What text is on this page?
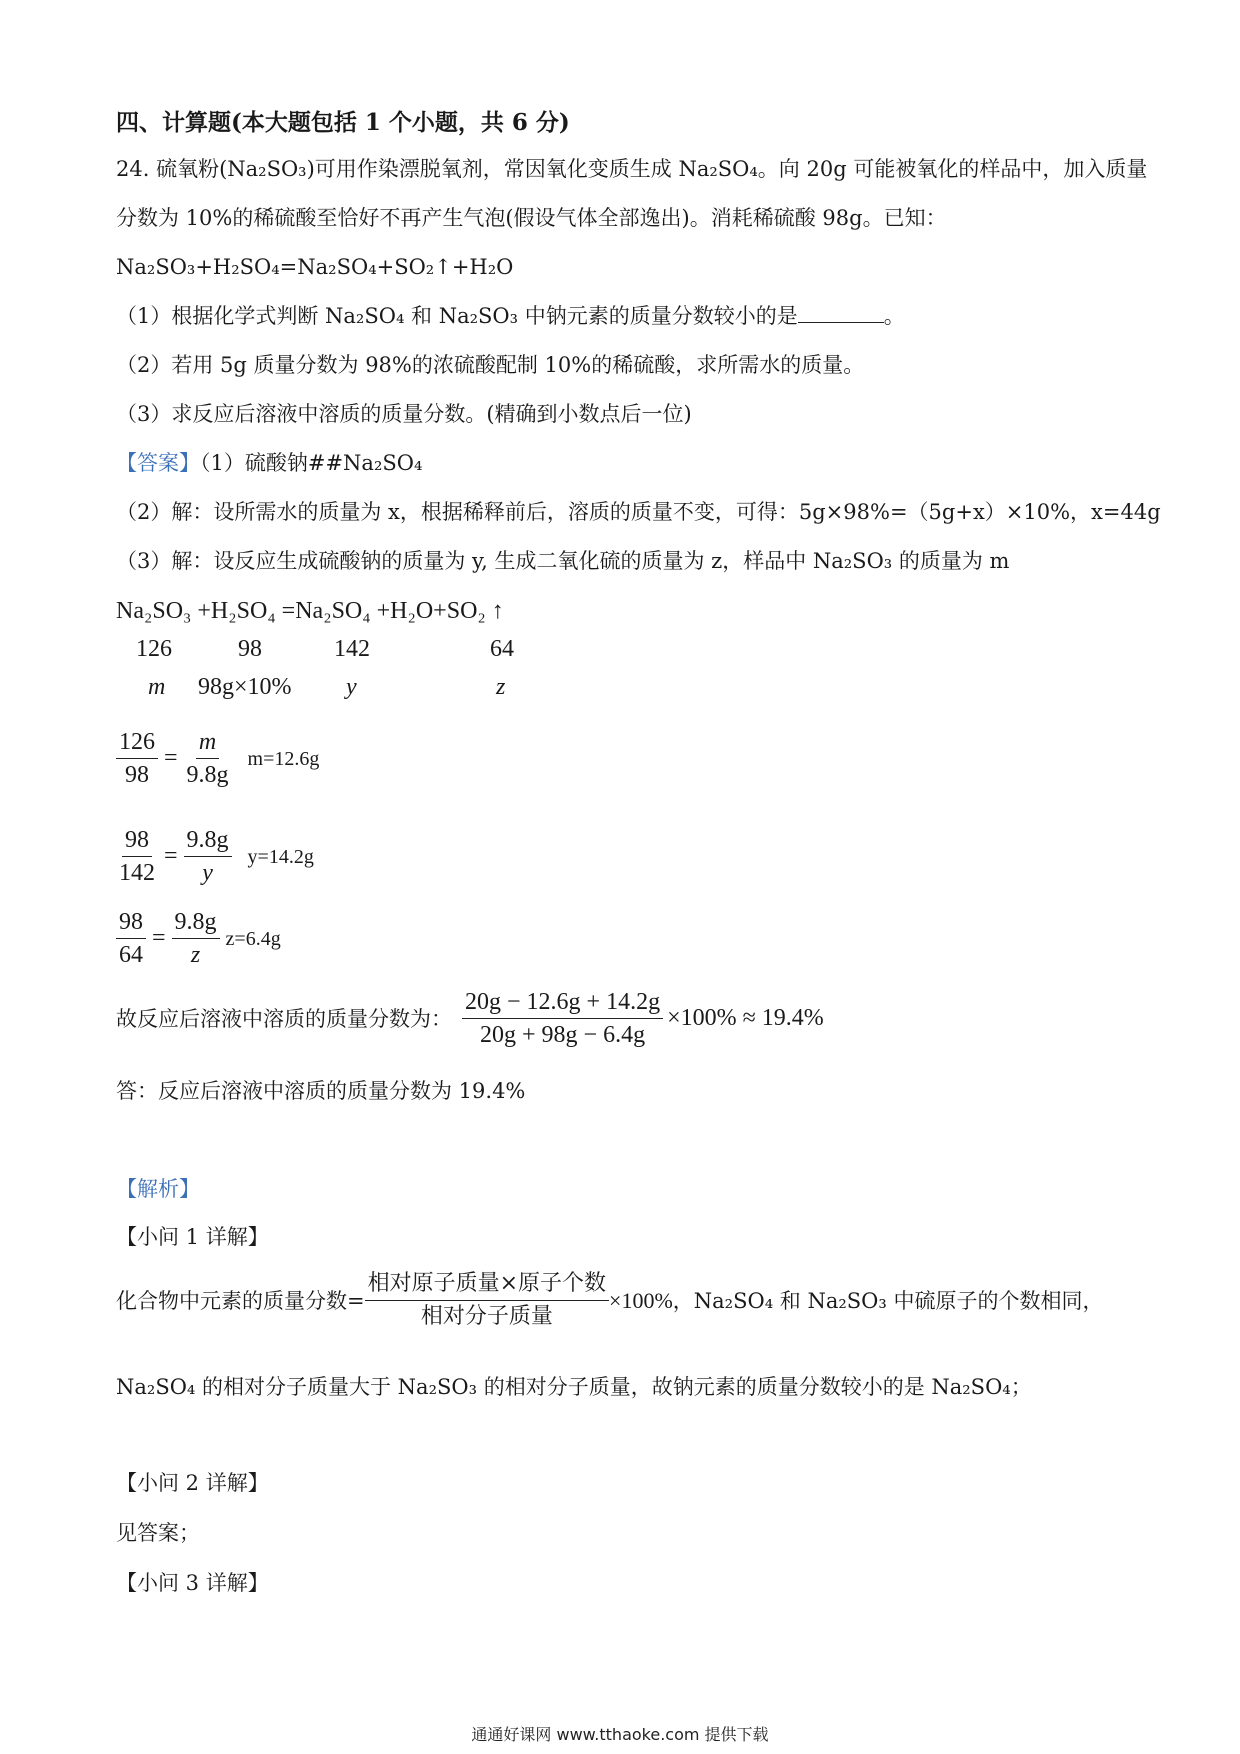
四、计算题(本大题包括 1 个小题，共 6 分)
24. 硫氧粉(Na₂SO₃)可用作染漂脱氧剂，常因氧化变质生成 Na₂SO₄。向 20g 可能被氧化的样品中，加入质量
分数为 10%的稀硫酸至恰好不再产生气泡(假设气体全部逸出)。消耗稀硫酸 98g。已知：
Na₂SO₃+H₂SO₄=Na₂SO₄+SO₂↑+H₂O
（1）根据化学式判断 Na₂SO₄ 和 Na₂SO₃ 中钠元素的质量分数较小的是	。
（2）若用 5g 质量分数为 98%的浓硫酸配制 10%的稀硫酸，求所需水的质量。
（3）求反应后溶液中溶质的质量分数。(精确到小数点后一位)
【答案】（1）硫酸钠##Na₂SO₄
（2）解：设所需水的质量为 x，根据稀释前后，溶质的质量不变，可得：5g×98%=（5g+x）×10%，x=44g
（3）解：设反应生成硫酸钠的质量为 y, 生成二氧化硫的质量为 z，样品中 Na₂SO₃ 的质量为 m
Na₂SO₃ +H₂SO₄ =Na₂SO₄ +H₂O+SO₂ ↑
126	98	142	64
m 98g×10% y	z
$\frac{126}{98} = \frac{m}{9.8g} m=12.6g$
$\frac{98}{142} = \frac{9.8g}{y} y=14.2g$
$\frac{98}{64} = \frac{9.8g}{z} z=6.4g$
故反应后溶液中溶质的质量分数为： $\frac{20g - 12.6g + 14.2g}{20g + 98g - 6.4g} \times 100\% \approx 19.4\%$
答：反应后溶液中溶质的质量分数为 19.4%
【解析】
【小问 1 详解】
化合物中元素的质量分数= $\frac{\text{相对原子质量×原子个数}}{\text{相对分子质量}} \times 100\%$ ，Na₂SO₄ 和 Na₂SO₃ 中硫原子的个数相同，
Na₂SO₄ 的相对分子质量大于 Na₂SO₃ 的相对分子质量，故钠元素的质量分数较小的是 Na₂SO₄；
【小问 2 详解】
见答案；
【小问 3 详解】
通通好课网 www.tthaoke.com 提供下载
